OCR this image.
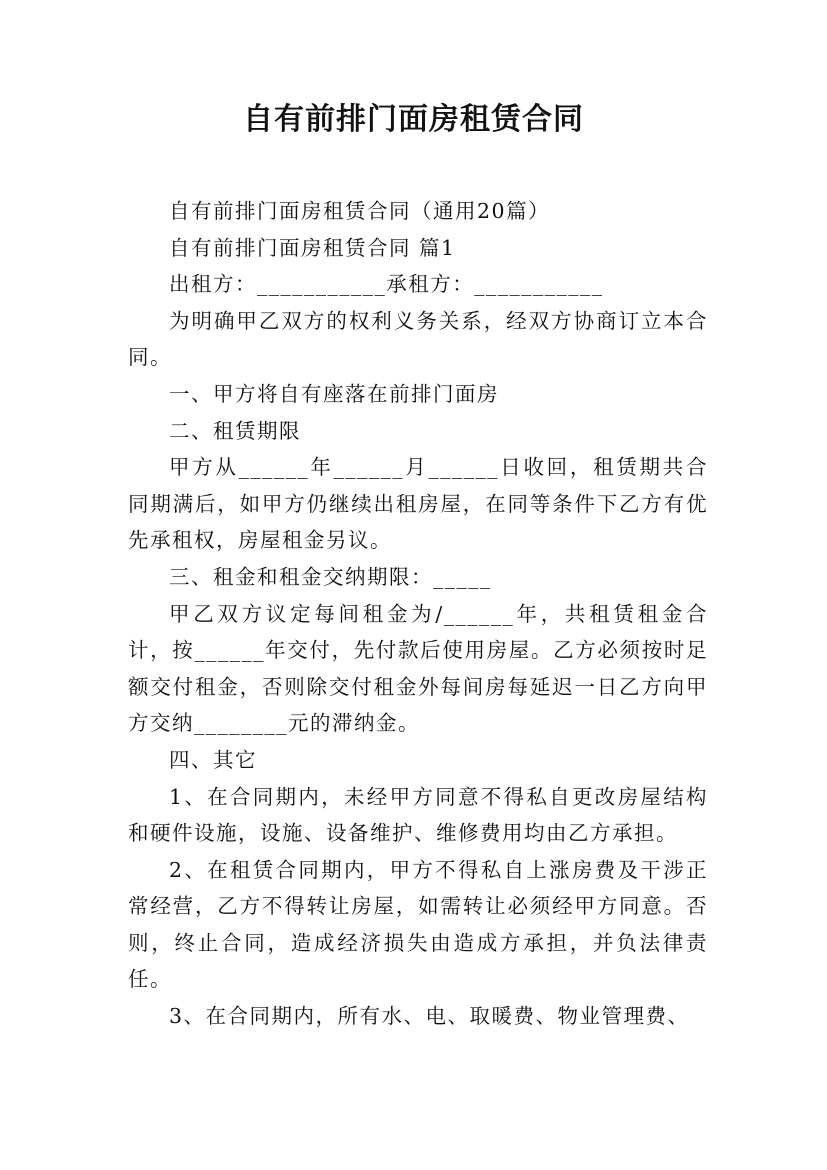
自有前排门面房租赁合同

自有前排门面房租赁合同（通用20篇）

自有前排门面房租赁合同 篇1

出租方：___________承租方：___________

为明确甲乙双方的权利义务关系，经双方协商订立本合同。

一、甲方将自有座落在前排门面房

二、租赁期限

甲方从______年______月______日收回，租赁期共合同期满后，如甲方仍继续出租房屋，在同等条件下乙方有优先承租权，房屋租金另议。

三、租金和租金交纳期限：_____

甲乙双方议定每间租金为/______年，共租赁租金合计，按______年交付，先付款后使用房屋。乙方必须按时足额交付租金，否则除交付租金外每间房每延迟一日乙方向甲方交纳________元的滞纳金。

四、其它

1、在合同期内，未经甲方同意不得私自更改房屋结构和硬件设施，设施、设备维护、维修费用均由乙方承担。

2、在租赁合同期内，甲方不得私自上涨房费及干涉正常经营，乙方不得转让房屋，如需转让必须经甲方同意。否则，终止合同，造成经济损失由造成方承担，并负法律责任。

3、在合同期内，所有水、电、取暖费、物业管理费、
